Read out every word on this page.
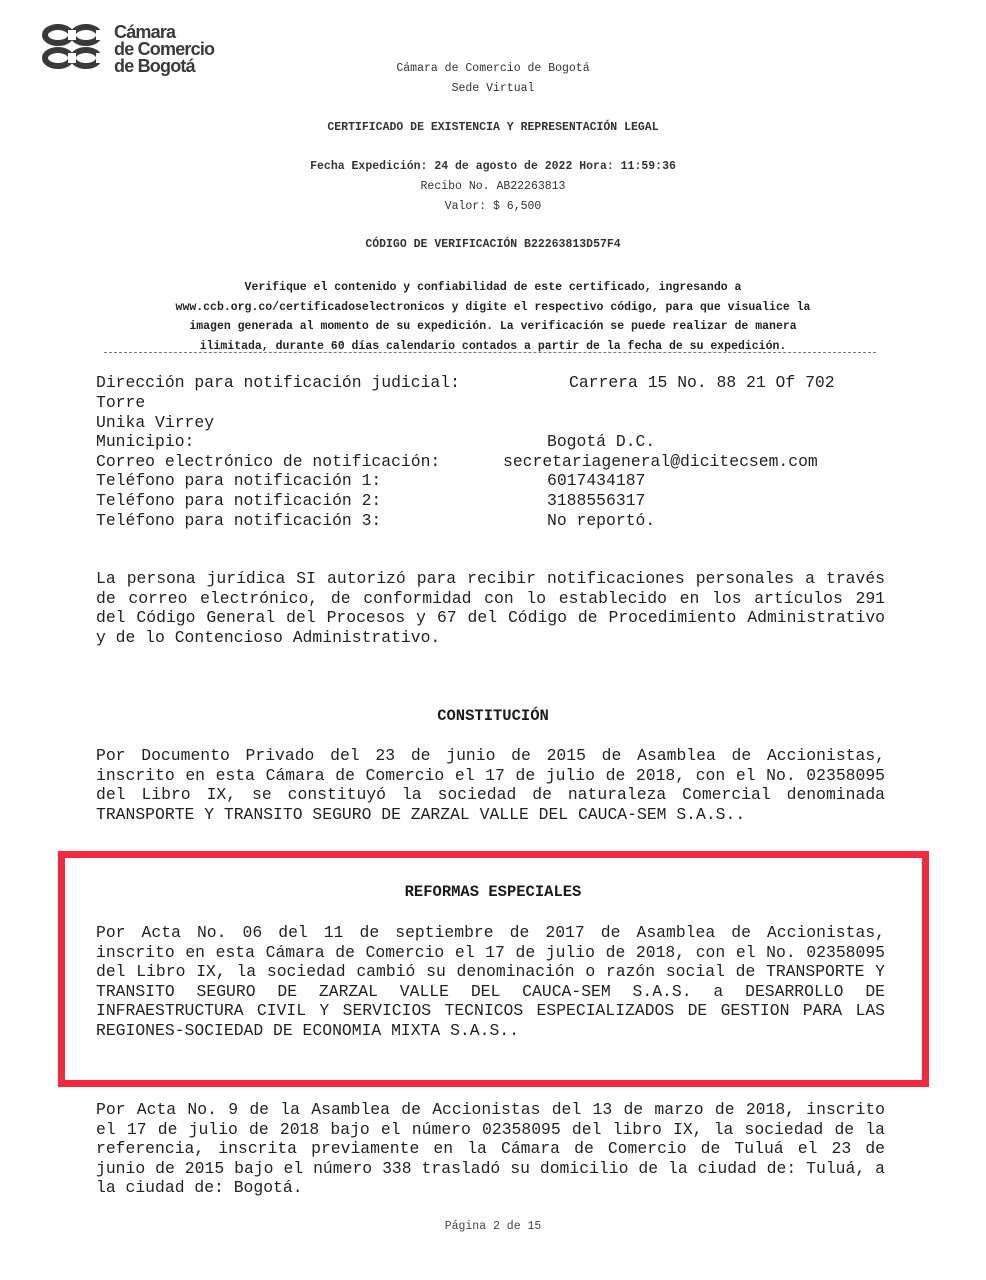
Cámara
de Comercio
de Bogotá	Cámara de Comercio de Bogotá
Sede Virtual
CERTIFICADO DE EXISTENCIA Y REPRESENTACIÓN LEGAL
Fecha Expedición: 24 de agosto de 2022 Hora: 11:59:36
Recibo No. AB22263813
Valor: $ 6,500
CÓDIGO DE VERIFICACIÓN B22263813D57F4
Verifique el contenido y confiabilidad de este certificado, ingresando a
www.ccb.org.co/certificadoselectronicos y digite el respectivo código, para que visualice la
imagen generada al momento de su expedición. La verificación se puede realizar de manera
ilimitada, durante 60 días calendario contados a partir de la fecha de su expedición.
Dirección para notificación judicial:	Carrera 15 No. 88 21 Of 702
Torre
Unika Virrey
Municipio:	Bogotá D.C.
Correo electrónico de notificación:	secretariageneral@dicitecsem.com
Teléfono para notificación 1:	6017434187
Teléfono para notificación 2:	3188556317
Teléfono para notificación 3:	No reportó.

La persona jurídica SI autorizó para recibir notificaciones personales a través de correo electrónico, de conformidad con lo establecido en los artículos 291 del Código General del Procesos y 67 del Código de Procedimiento Administrativo y de lo Contencioso Administrativo.

CONSTITUCIÓN

Por Documento Privado del 23 de junio de 2015 de Asamblea de Accionistas, inscrito en esta Cámara de Comercio el 17 de julio de 2018, con el No. 02358095 del Libro IX, se constituyó la sociedad de naturaleza Comercial denominada TRANSPORTE Y TRANSITO SEGURO DE ZARZAL VALLE DEL CAUCA-SEM S.A.S..

REFORMAS ESPECIALES

Por Acta No. 06 del 11 de septiembre de 2017 de Asamblea de Accionistas, inscrito en esta Cámara de Comercio el 17 de julio de 2018, con el No. 02358095 del Libro IX, la sociedad cambió su denominación o razón social de TRANSPORTE Y TRANSITO SEGURO DE ZARZAL VALLE DEL CAUCA-SEM S.A.S. a DESARROLLO DE INFRAESTRUCTURA CIVIL Y SERVICIOS TECNICOS ESPECIALIZADOS DE GESTION PARA LAS REGIONES-SOCIEDAD DE ECONOMIA MIXTA S.A.S..

Por Acta No. 9 de la Asamblea de Accionistas del 13 de marzo de 2018, inscrito el 17 de julio de 2018 bajo el número 02358095 del libro IX, la sociedad de la referencia, inscrita previamente en la Cámara de Comercio de Tuluá el 23 de junio de 2015 bajo el número 338 trasladó su domicilio de la ciudad de: Tuluá, a la ciudad de: Bogotá.

Página 2 de 15
